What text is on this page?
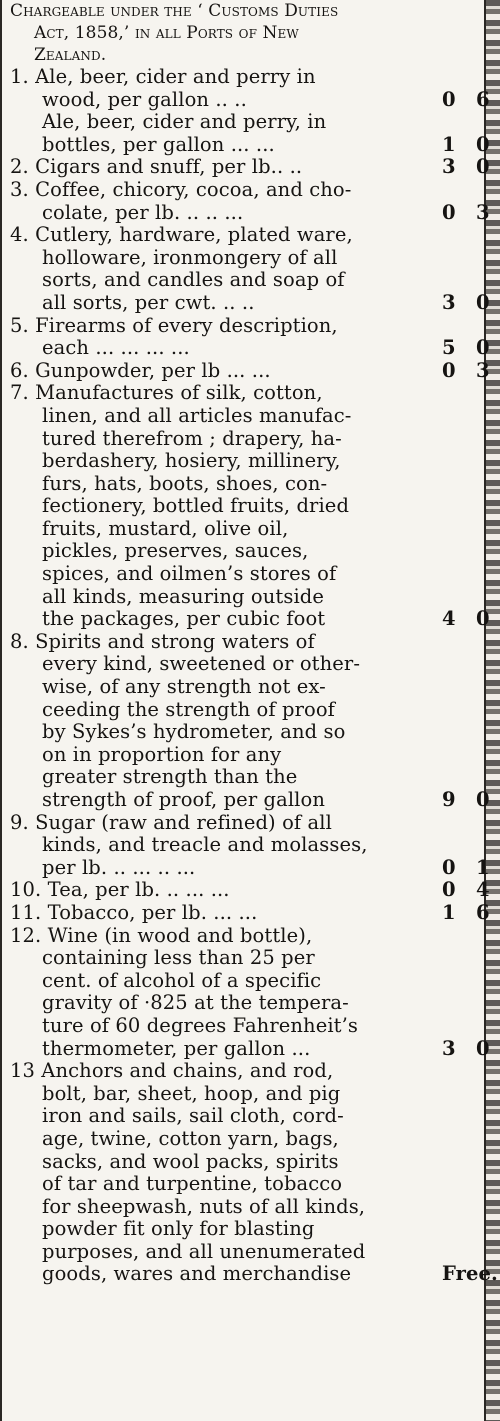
Chargeable under the ‘ Customs Duties
Act, 1858,’ in all Ports of New
Zealand.
1. Ale, beer, cider and perry in
wood, per gallon .. ..	0 6
Ale, beer, cider and perry, in
bottles, per gallon ... ...	1 0
2. Cigars and snuff, per lb.. ..	3 0
3. Coffee, chicory, cocoa, and cho-
colate, per lb. .. .. ...	0 3
4. Cutlery, hardware, plated ware,
holloware, ironmongery of all
sorts, and candles and soap of
all sorts, per cwt. .. ..	3 0
5. Firearms of every description,
each ... ... ... ...	5 0
6. Gunpowder, per lb ... ...	0 3
7. Manufactures of silk, cotton,
linen, and all articles manufac-
tured therefrom ; drapery, ha-
berdashery, hosiery, millinery,
furs, hats, boots, shoes, con-
fectionery, bottled fruits, dried
fruits, mustard, olive oil,
pickles, preserves, sauces,
spices, and oilmen’s stores of
all kinds, measuring outside
the packages, per cubic foot	4 0
8. Spirits and strong waters of
every kind, sweetened or other-
wise, of any strength not ex-
ceeding the strength of proof
by Sykes’s hydrometer, and so
on in proportion for any
greater strength than the
strength of proof, per gallon	9 0
9. Sugar (raw and refined) of all
kinds, and treacle and molasses,
per lb. .. ... .. ...	0 1
10. Tea, per lb. .. ... ...	0 4
11. Tobacco, per lb. ... ...	1 6
12. Wine (in wood and bottle),
containing less than 25 per
cent. of alcohol of a specific
gravity of ·825 at the tempera-
ture of 60 degrees Fahrenheit’s
thermometer, per gallon ...	3 0
13 Anchors and chains, and rod,
bolt, bar, sheet, hoop, and pig
iron and sails, sail cloth, cord-
age, twine, cotton yarn, bags,
sacks, and wool packs, spirits
of tar and turpentine, tobacco
for sheepwash, nuts of all kinds,
powder fit only for blasting
purposes, and all unenumerated
goods, wares and merchandise	Free.
